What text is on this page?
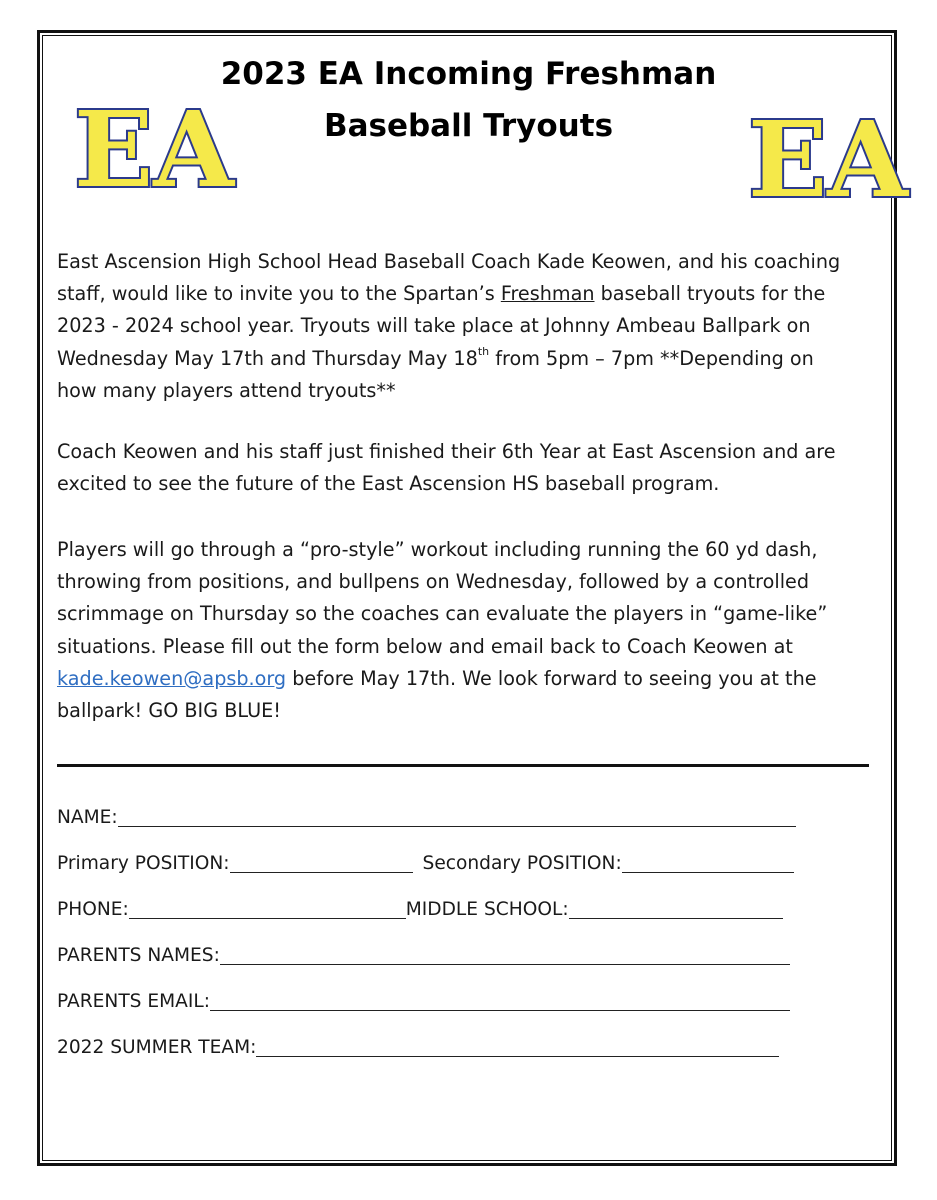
EA	EA
2023 EA Incoming Freshman
Baseball Tryouts
East Ascension High School Head Baseball Coach Kade Keowen, and his coaching
staff, would like to invite you to the Spartan’s Freshman baseball tryouts for the
2023 - 2024 school year. Tryouts will take place at Johnny Ambeau Ballpark on
Wednesday May 17th and Thursday May 18th from 5pm – 7pm **Depending on
how many players attend tryouts**
Coach Keowen and his staff just finished their 6th Year at East Ascension and are
excited to see the future of the East Ascension HS baseball program.
Players will go through a “pro-style” workout including running the 60 yd dash,
throwing from positions, and bullpens on Wednesday, followed by a controlled
scrimmage on Thursday so the coaches can evaluate the players in “game-like”
situations. Please fill out the form below and email back to Coach Keowen at
kade.keowen@apsb.org before May 17th. We look forward to seeing you at the
ballpark! GO BIG BLUE!
NAME:
Primary POSITION:	Secondary POSITION:
PHONE:	MIDDLE SCHOOL:
PARENTS NAMES:
PARENTS EMAIL:
2022 SUMMER TEAM:
